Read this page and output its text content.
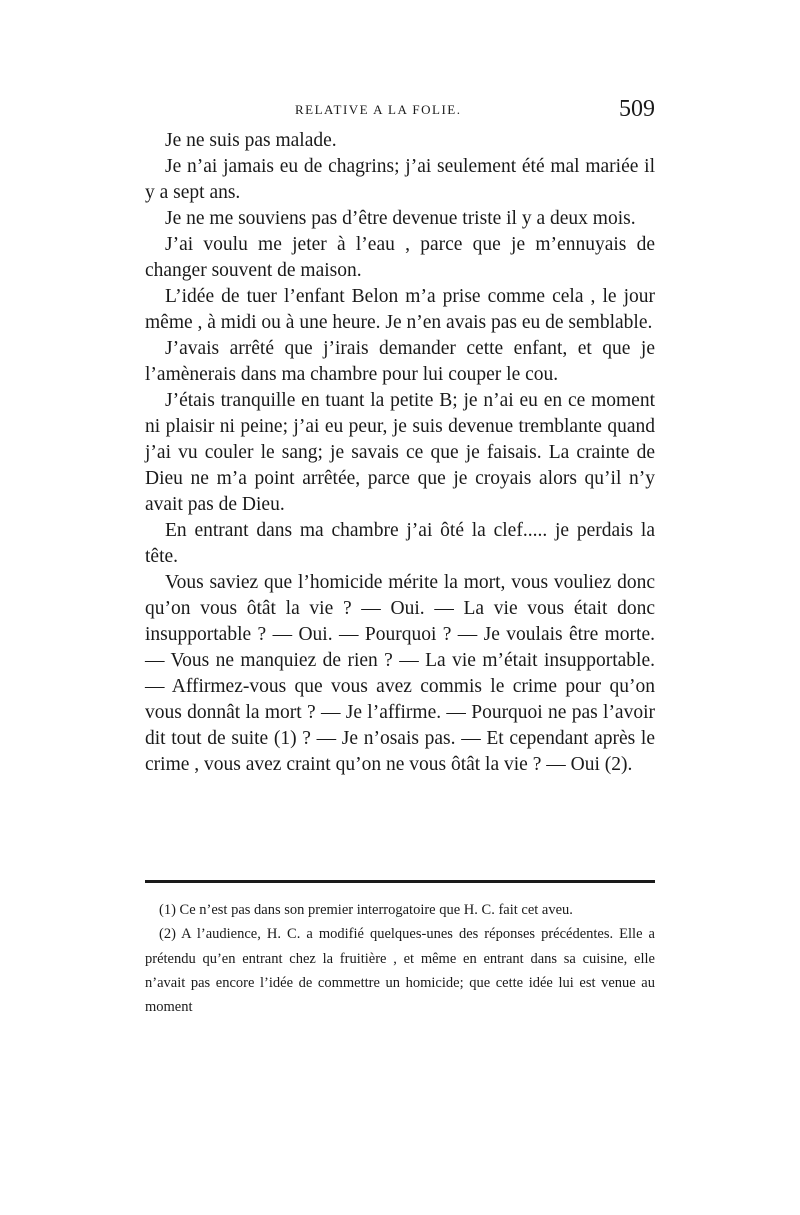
RELATIVE A LA FOLIE.	509

Je ne suis pas malade.

Je n’ai jamais eu de chagrins; j’ai seulement été mal mariée il y a sept ans.

Je ne me souviens pas d’être devenue triste il y a deux mois.

J’ai voulu me jeter à l’eau , parce que je m’ennuyais de changer souvent de maison.

L’idée de tuer l’enfant Belon m’a prise comme cela , le jour même , à midi ou à une heure. Je n’en avais pas eu de semblable.

J’avais arrêté que j’irais demander cette enfant, et que je l’amènerais dans ma chambre pour lui couper le cou.

J’étais tranquille en tuant la petite B; je n’ai eu en ce moment ni plaisir ni peine; j’ai eu peur, je suis devenue tremblante quand j’ai vu couler le sang; je savais ce que je faisais. La crainte de Dieu ne m’a point arrêtée, parce que je croyais alors qu’il n’y avait pas de Dieu.

En entrant dans ma chambre j’ai ôté la clef..... je perdais la tête.

Vous saviez que l’homicide mérite la mort, vous vouliez donc qu’on vous ôtât la vie ? — Oui. — La vie vous était donc insupportable ? — Oui. — Pourquoi ? — Je voulais être morte. — Vous ne manquiez de rien ? — La vie m’était insupportable. — Affirmez-vous que vous avez commis le crime pour qu’on vous donnât la mort ? — Je l’affirme. — Pourquoi ne pas l’avoir dit tout de suite (1) ? — Je n’osais pas. — Et cependant après le crime , vous avez craint qu’on ne vous ôtât la vie ? — Oui (2).

(1) Ce n’est pas dans son premier interrogatoire que H. C. fait cet aveu.

(2) A l’audience, H. C. a modifié quelques-unes des réponses précédentes. Elle a prétendu qu’en entrant chez la fruitière , et même en entrant dans sa cuisine, elle n’avait pas encore l’idée de commettre un homicide; que cette idée lui est venue au moment
